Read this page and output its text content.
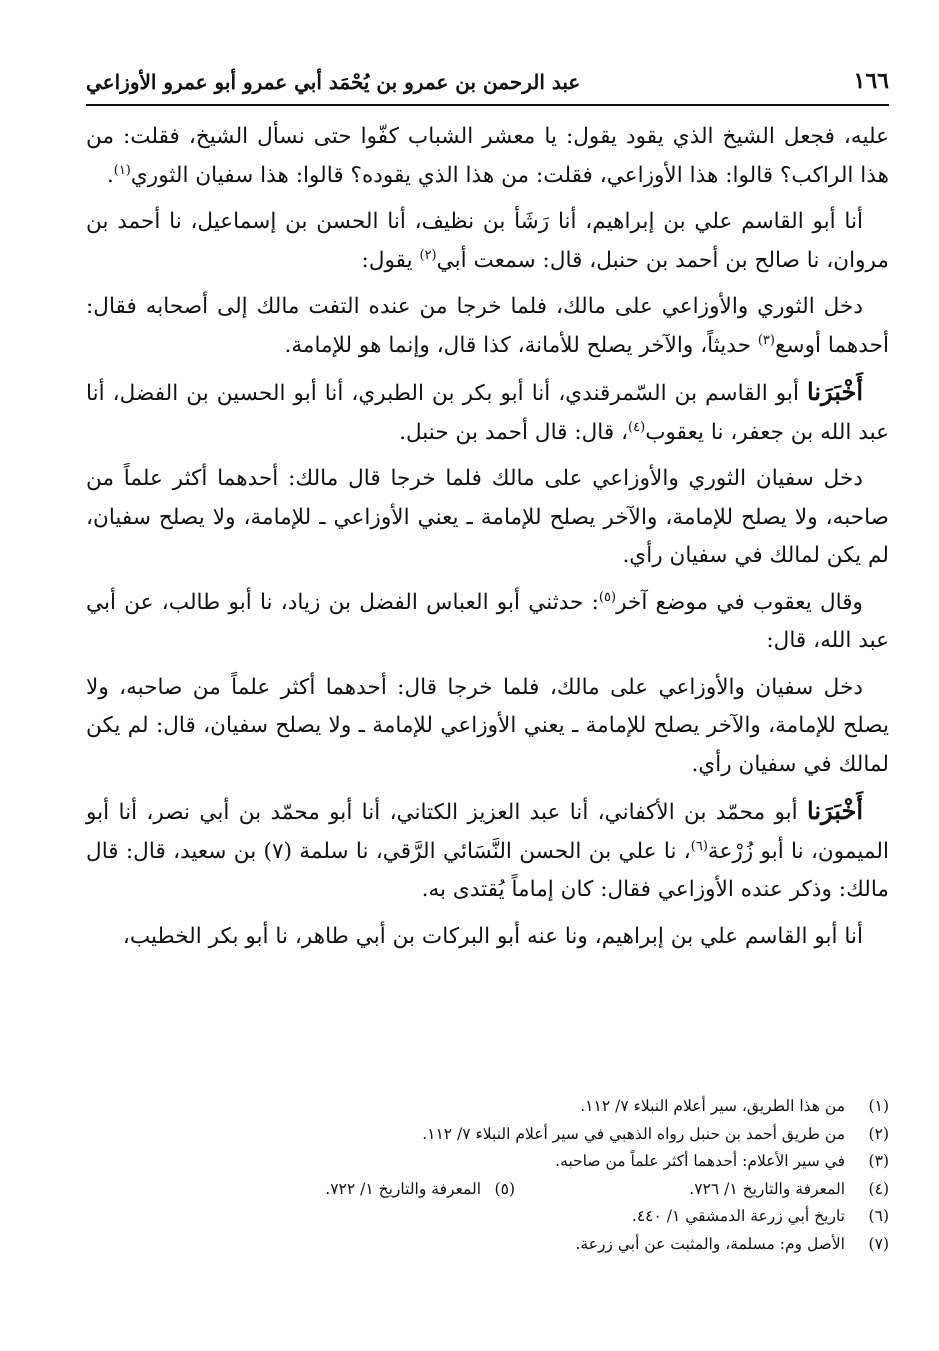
١٦٦
عبد الرحمن بن عمرو بن يُحْمَد أبي عمرو أبو عمرو الأوزاعي

عليه، فجعل الشيخ الذي يقود يقول: يا معشر الشباب كفّوا حتى نسأل الشيخ، فقلت: من هذا الراكب؟ قالوا: هذا الأوزاعي، فقلت: من هذا الذي يقوده؟ قالوا: هذا سفيان الثوري$^{(١)}$.

أنا أبو القاسم علي بن إبراهيم، أنا رَشَأ بن نظيف، أنا الحسن بن إسماعيل، نا أحمد بن مروان، نا صالح بن أحمد بن حنبل، قال: سمعت أبي$^{(٢)}$ يقول:

دخل الثوري والأوزاعي على مالك، فلما خرجا من عنده التفت مالك إلى أصحابه فقال: أحدهما أوسع$^{(٣)}$ حديثاً، والآخر يصلح للأمانة، كذا قال، وإنما هو للإمامة.

أَخْبَرَنا أبو القاسم بن السّمرقندي، أنا أبو بكر بن الطبري، أنا أبو الحسين بن الفضل، أنا عبد الله بن جعفر، نا يعقوب$^{(٤)}$، قال: قال أحمد بن حنبل.

دخل سفيان الثوري والأوزاعي على مالك فلما خرجا قال مالك: أحدهما أكثر علماً من صاحبه، ولا يصلح للإمامة، والآخر يصلح للإمامة ـ يعني الأوزاعي ـ للإمامة، ولا يصلح سفيان، لم يكن لمالك في سفيان رأي.

وقال يعقوب في موضع آخر$^{(٥)}$: حدثني أبو العباس الفضل بن زياد، نا أبو طالب، عن أبي عبد الله، قال:

دخل سفيان والأوزاعي على مالك، فلما خرجا قال: أحدهما أكثر علماً من صاحبه، ولا يصلح للإمامة، والآخر يصلح للإمامة ـ يعني الأوزاعي للإمامة ـ ولا يصلح سفيان، قال: لم يكن لمالك في سفيان رأي.

أَخْبَرَنا أبو محمّد بن الأكفاني، أنا عبد العزيز الكتاني، أنا أبو محمّد بن أبي نصر، أنا أبو الميمون، نا أبو زُرْعة$^{(٦)}$، نا علي بن الحسن النَّسَائي الرَّقي، نا سلمة (٧) بن سعيد، قال: قال مالك: وذكر عنده الأوزاعي فقال: كان إماماً يُقتدى به.

أنا أبو القاسم علي بن إبراهيم، ونا عنه أبو البركات بن أبي طاهر، نا أبو بكر الخطيب،

(١)
من هذا الطريق، سير أعلام النبلاء ٧/ ١١٢.
(٢)
من طريق أحمد بن حنبل رواه الذهبي في سير أعلام النبلاء ٧/ ١١٢.
(٣)
في سير الأعلام: أحدهما أكثر علماً من صاحبه.
(٤)
المعرفة والتاريخ ١/ ٧٢٦.
(٥)
المعرفة والتاريخ ١/ ٧٢٢.
(٦)
تاريخ أبي زرعة الدمشقي ١/ ٤٤٠.
(٧)
الأصل وم: مسلمة، والمثبت عن أبي زرعة.
